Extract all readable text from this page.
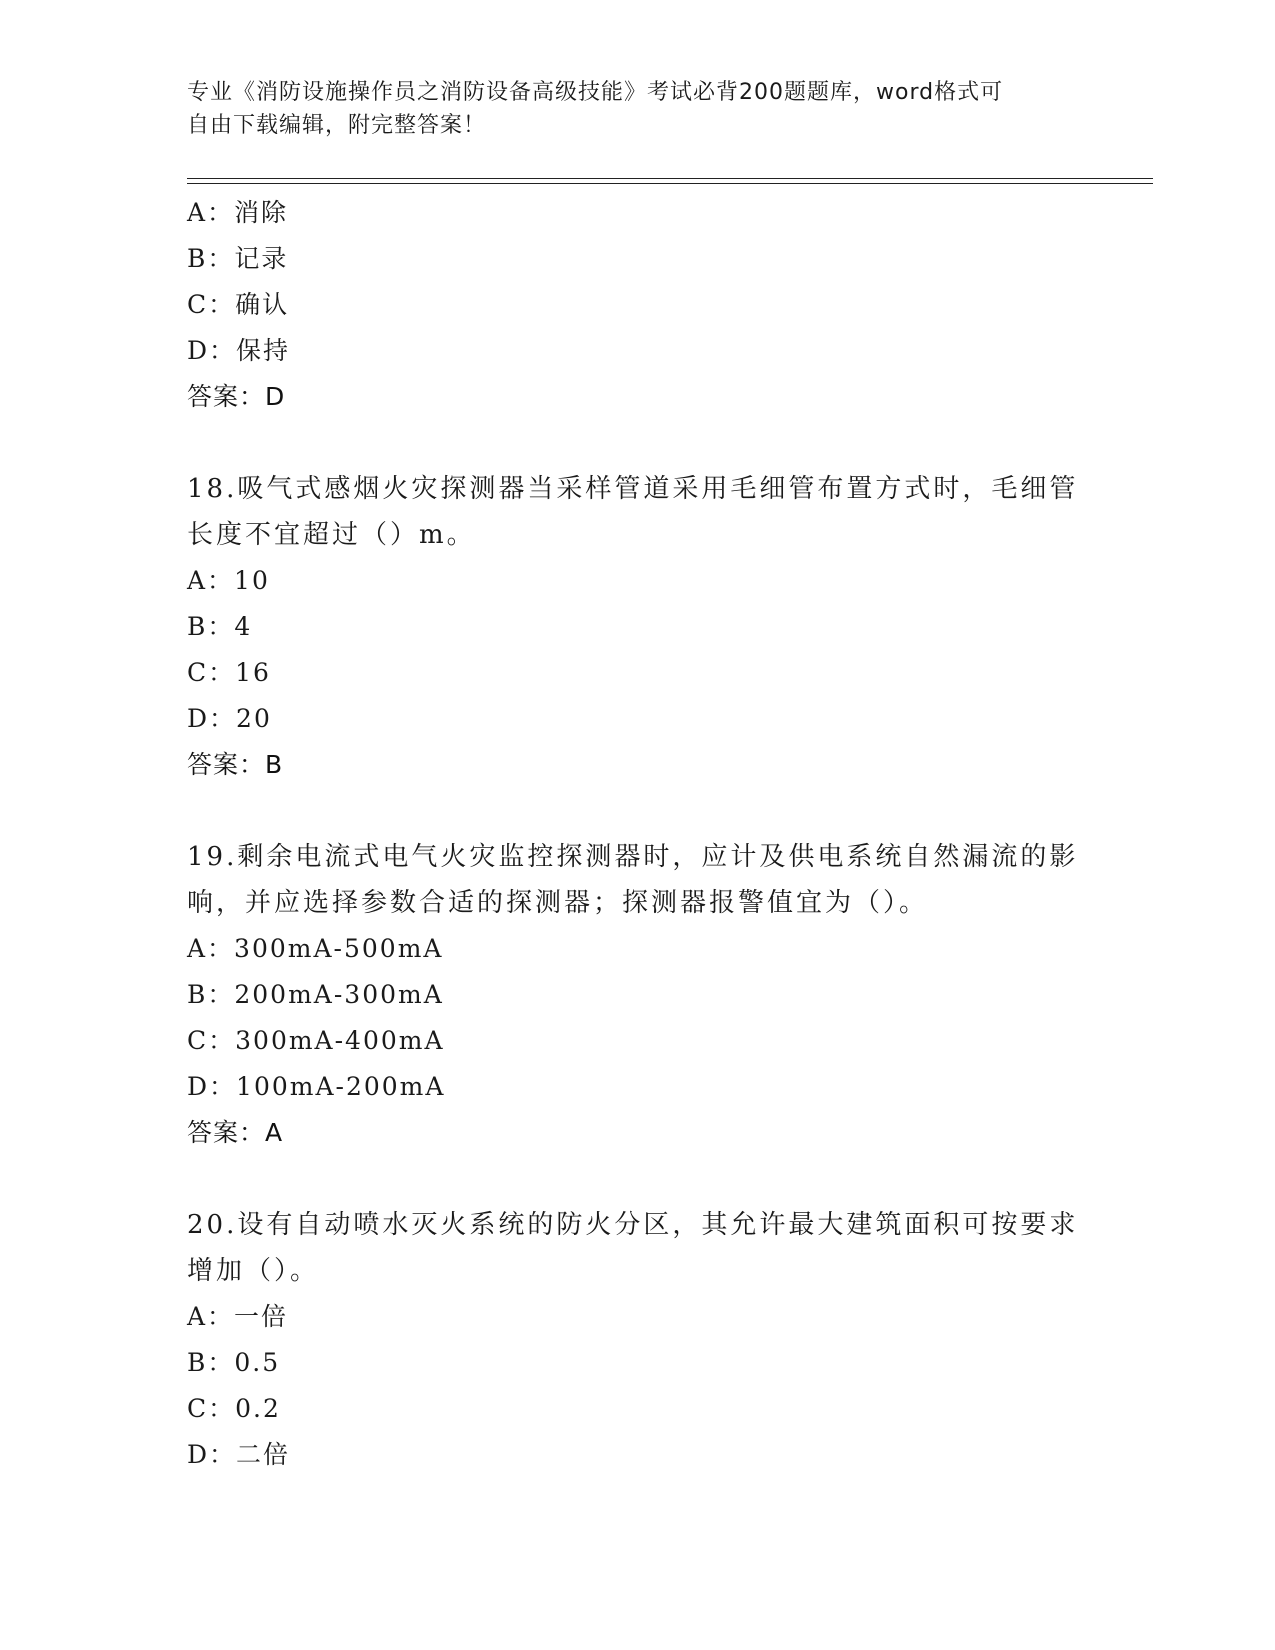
专业《消防设施操作员之消防设备高级技能》考试必背200题题库，word格式可
自由下载编辑，附完整答案！
A：消除
B：记录
C：确认
D：保持
答案：D
18.吸气式感烟火灾探测器当采样管道采用毛细管布置方式时，毛细管
长度不宜超过（）m。
A：10
B：4
C：16
D：20
答案：B
19.剩余电流式电气火灾监控探测器时，应计及供电系统自然漏流的影
响，并应选择参数合适的探测器；探测器报警值宜为（）。
A：300mA-500mA
B：200mA-300mA
C：300mA-400mA
D：100mA-200mA
答案：A
20.设有自动喷水灭火系统的防火分区，其允许最大建筑面积可按要求
增加（）。
A：一倍
B：0.5
C：0.2
D：二倍
